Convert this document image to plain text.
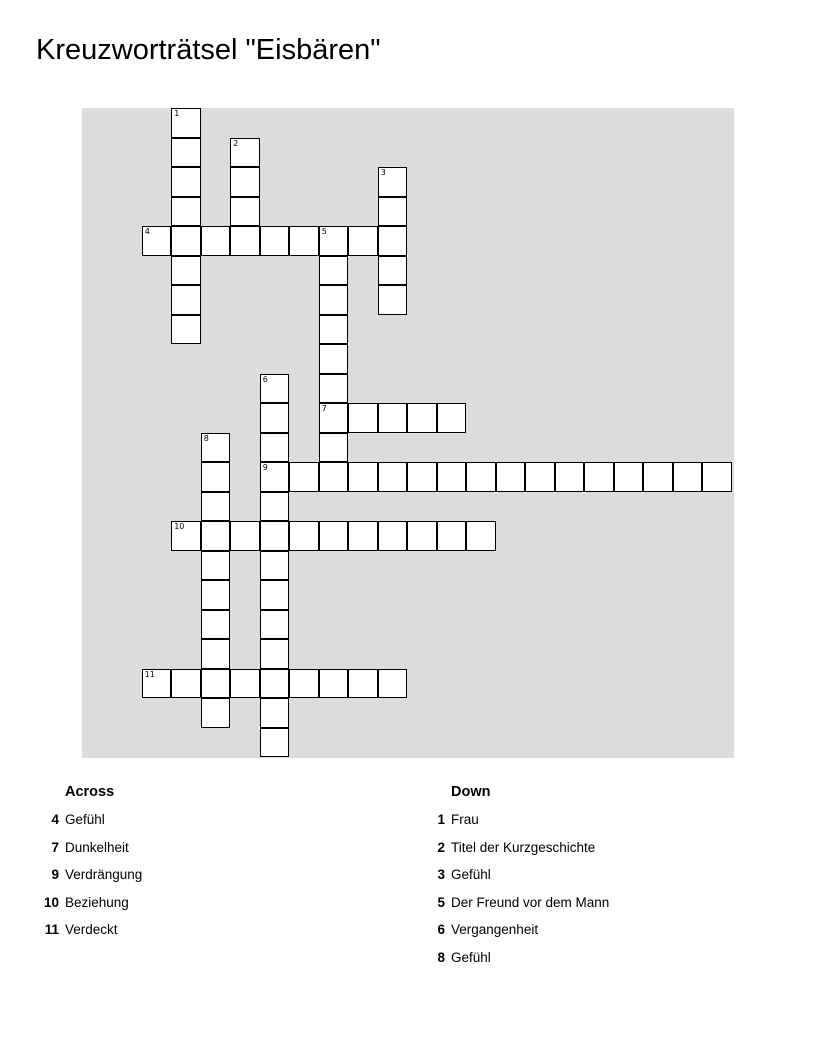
Kreuzworträtsel "Eisbären"
1
2
3
4	5
7
6
9
8
10
11
Across
4 Gefühl
7 Dunkelheit
9 Verdrängung
10 Beziehung
11 Verdeckt
Down
1 Frau
2 Titel der Kurzgeschichte
3 Gefühl
5 Der Freund vor dem Mann
6 Vergangenheit
8 Gefühl
